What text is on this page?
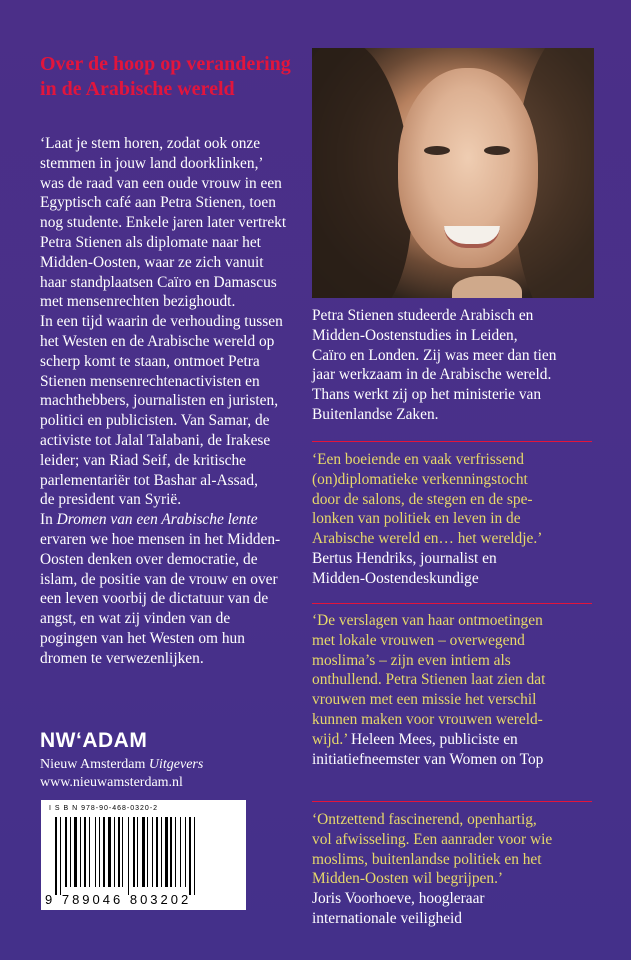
Over de hoop op verandering
in de Arabische wereld
‘Laat je stem horen, zodat ook onze
stemmen in jouw land doorklinken,’
was de raad van een oude vrouw in een
Egyptisch café aan Petra Stienen, toen
nog studente. Enkele jaren later vertrekt
Petra Stienen als diplomate naar het
Midden-Oosten, waar ze zich vanuit
haar standplaatsen Caïro en Damascus
met mensenrechten bezighoudt.
In een tijd waarin de verhouding tussen
het Westen en de Arabische wereld op
scherp komt te staan, ontmoet Petra
Stienen mensenrechtenactivisten en
machthebbers, journalisten en juristen,
politici en publicisten. Van Samar, de
activiste tot Jalal Talabani, de Irakese
leider; van Riad Seif, de kritische
parlementariër tot Bashar al-Assad,
de president van Syrië.
In Dromen van een Arabische lente
ervaren we hoe mensen in het Midden-
Oosten denken over democratie, de
islam, de positie van de vrouw en over
een leven voorbij de dictatuur van de
angst, en wat zij vinden van de
pogingen van het Westen om hun
dromen te verwezenlijken.
Petra Stienen studeerde Arabisch en
Midden-Oostenstudies in Leiden,
Caïro en Londen. Zij was meer dan tien
jaar werkzaam in de Arabische wereld.
Thans werkt zij op het ministerie van
Buitenlandse Zaken.
‘Een boeiende en vaak verfrissend
(on)diplomatieke verkenningstocht
door de salons, de stegen en de spe-
lonken van politiek en leven in de
Arabische wereld en… het wereldje.’
Bertus Hendriks, journalist en
Midden-Oostendeskundige
‘De verslagen van haar ontmoetingen
met lokale vrouwen – overwegend
moslima’s – zijn even intiem als
onthullend. Petra Stienen laat zien dat
vrouwen met een missie het verschil
kunnen maken voor vrouwen wereld-
wijd.’ Heleen Mees, publiciste en
initiatiefneemster van Women on Top
‘Ontzettend fascinerend, openhartig,
vol afwisseling. Een aanrader voor wie
moslims, buitenlandse politiek en het
Midden-Oosten wil begrijpen.’
Joris Voorhoeve, hoogleraar
internationale veiligheid
NW‘ADAM
Nieuw Amsterdam Uitgevers
www.nieuwamsterdam.nl
I S B N 978-90-468-0320-2
9 789046 803202
